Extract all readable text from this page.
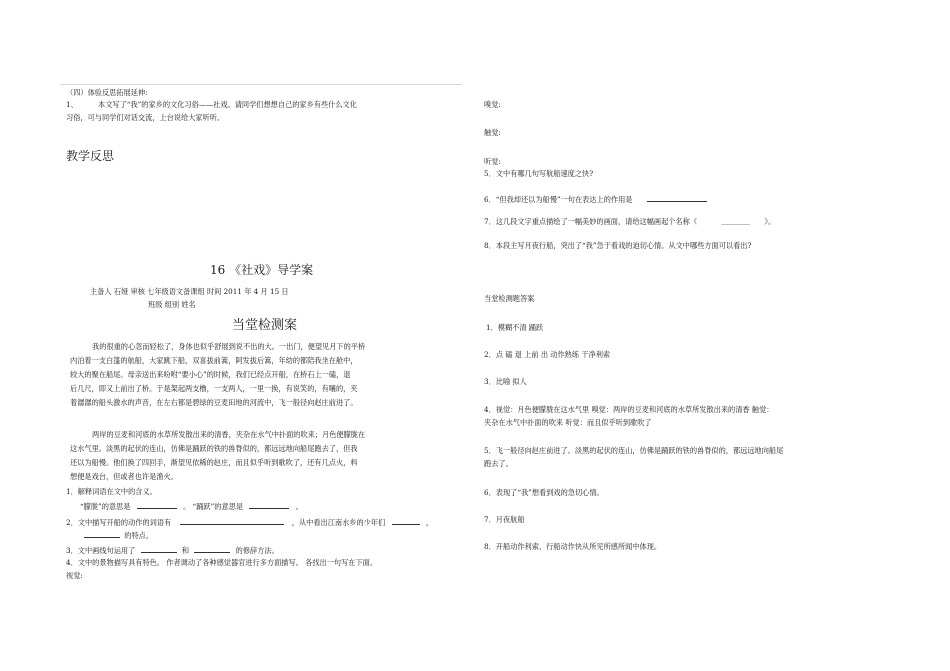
（四）体验反思拓展延伸:
1、	本文写了“我”的家乡的文化习俗——社戏。请同学们想想自己的家乡有些什么文化
习俗，可与同学们对话交流，上台说给大家听听。
教学反思
16 《社戏》导学案
主备人 石娅 审核 七年级语文备课组 时间 2011 年 4 月 15 日
班级 组别 姓名
当堂检测案
我的很重的心忽而轻松了，身体也似乎舒展到说不出的大。一出门，便望见月下的平桥
内泊着一支白篷的航船，大家跳下船，双喜拔前篙，阿发拔后篙，年幼的都陪我坐在舱中，
较大的聚在船尾。母亲送出来吩咐“要小心”的时候，我们已经点开船，在桥石上一磕，退
后几尺，即又上前出了桥。于是架起两支橹，一支两人，一里一换，有说笑的，有嚷的，夹
着潺潺的船头激水的声音，在左右都是碧绿的豆麦田地的河流中，飞一般径向赵庄前进了。
两岸的豆麦和河底的水草所发散出来的清香，夹杂在水气中扑面的吹来；月色便朦胧在
这水气里。淡黑的起伏的连山，仿佛是踊跃的铁的兽脊似的，都远远地向船尾跑去了，但我
还以为船慢。他们换了四回手，渐望见依稀的赵庄，而且似乎听到歌吹了，还有几点火，料
想便是戏台，但或者也许是渔火。
1．解释词语在文中的含义。
“朦胧”的意思是	。 “踊跃”的意思是	。
2．文中描写开船的动作的词语有	，从中看出江南水乡的少年们	，
的特点。
3．文中画线句运用了	和	的修辞方法。
4．文中的景物描写具有特色。 作者调动了各种感觉器官进行多方面描写。 各找出一句写在下面。
视觉:
嗅觉:
触觉:
听觉:
5．文中有哪几句写航船速度之快?
6．“但我却还以为船慢”一句在表达上的作用是
7．这几段文字重点描绘了一幅美妙的画面，请给这幅画起个名称《	＿＿＿＿ 》。
8．本段主写月夜行船，突出了“我”急于看戏的迫切心情。从文中哪些方面可以看出?
当堂检测题答案
1．模糊不清 踊跃
2．点 磕 退 上前 出 动作熟练 干净利索
3．比喻 拟人
4．视觉：月色便朦胧在这水气里 嗅觉：两岸的豆麦和河底的水草所发散出来的清香 触觉：
夹杂在水气中扑面的吹来 听觉：而且似乎听到歌吹了
5．飞一般径向赵庄前进了。淡黑的起伏的连山，仿佛是踊跃的铁的兽脊似的，都远远地向船尾
跑去了。
6．表现了“我”想看到戏的急切心情。
7．月夜航船
8．开船动作利索、行船动作快从所见所感所闻中体现。
